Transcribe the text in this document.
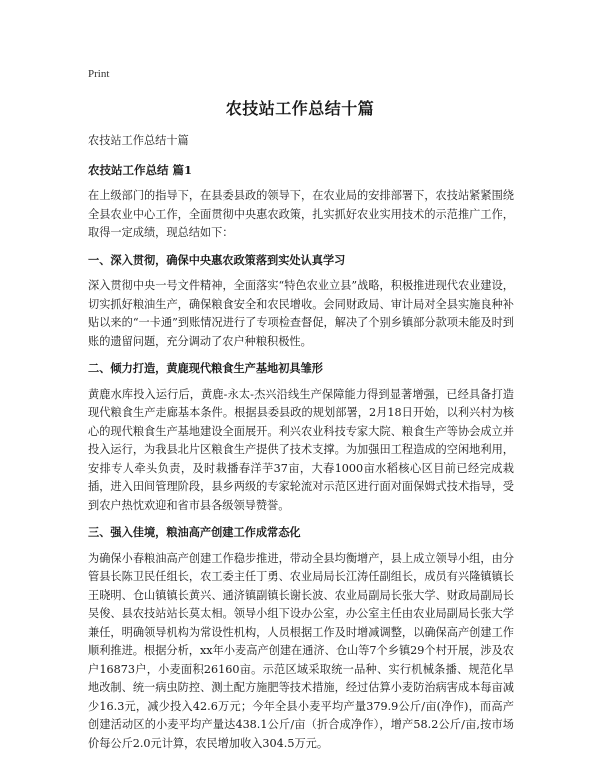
Print
农技站工作总结十篇
农技站工作总结十篇
农技站工作总结 篇1
在上级部门的指导下，在县委县政的领导下，在农业局的安排部署下，农技站紧紧围绕全县农业中心工作，全面贯彻中央惠农政策，扎实抓好农业实用技术的示范推广工作，取得一定成绩，现总结如下：
一、深入贯彻，确保中央惠农政策落到实处认真学习
深入贯彻中央一号文件精神，全面落实“特色农业立县”战略，积极推进现代农业建设，切实抓好粮油生产，确保粮食安全和农民增收。会同财政局、审计局对全县实施良种补贴以来的“一卡通”到账情况进行了专项检查督促，解决了个别乡镇部分款项未能及时到账的遗留问题，充分调动了农户种粮积极性。
二、倾力打造，黄鹿现代粮食生产基地初具雏形
黄鹿水库投入运行后，黄鹿-永太-杰兴沿线生产保障能力得到显著增强，已经具备打造现代粮食生产走廊基本条件。根据县委县政的规划部署，2月18日开始，以利兴村为核心的现代粮食生产基地建设全面展开。利兴农业科技专家大院、粮食生产等协会成立并投入运行，为我县北片区粮食生产提供了技术支撑。为加强田工程造成的空闲地利用，安排专人牵头负责，及时栽播春洋芋37亩，大春1000亩水稻核心区目前已经完成栽插，进入田间管理阶段，县乡两级的专家轮流对示范区进行面对面保姆式技术指导，受到农户热忱欢迎和省市县各级领导赞誉。
三、强入佳境，粮油高产创建工作成常态化
为确保小春粮油高产创建工作稳步推进，带动全县均衡增产，县上成立领导小组，由分管县长陈卫民任组长，农工委主任丁勇、农业局局长江涛任副组长，成员有兴隆镇镇长王晓明、仓山镇镇长黄兴、通济镇副镇长谢长波、农业局副局长张大学、财政局副局长吴俊、县农技站站长莫太相。领导小组下设办公室，办公室主任由农业局副局长张大学兼任，明确领导机构为常设性机构，人员根据工作及时增减调整，以确保高产创建工作顺利推进。根据分析，xx年小麦高产创建在通济、仓山等7个乡镇29个村开展，涉及农户16873户，小麦面积26160亩。示范区域采取统一品种、实行机械条播、规范化旱地改制、统一病虫防控、测土配方施肥等技术措施，经过估算小麦防治病害成本每亩减少16.3元，减少投入42.6万元；今年全县小麦平均产量379.9公斤/亩(净作)，而高产创建活动区的小麦平均产量达438.1公斤/亩（折合成净作），增产58.2公斤/亩,按市场价每公斤2.0元计算，农民增加收入304.5万元。
